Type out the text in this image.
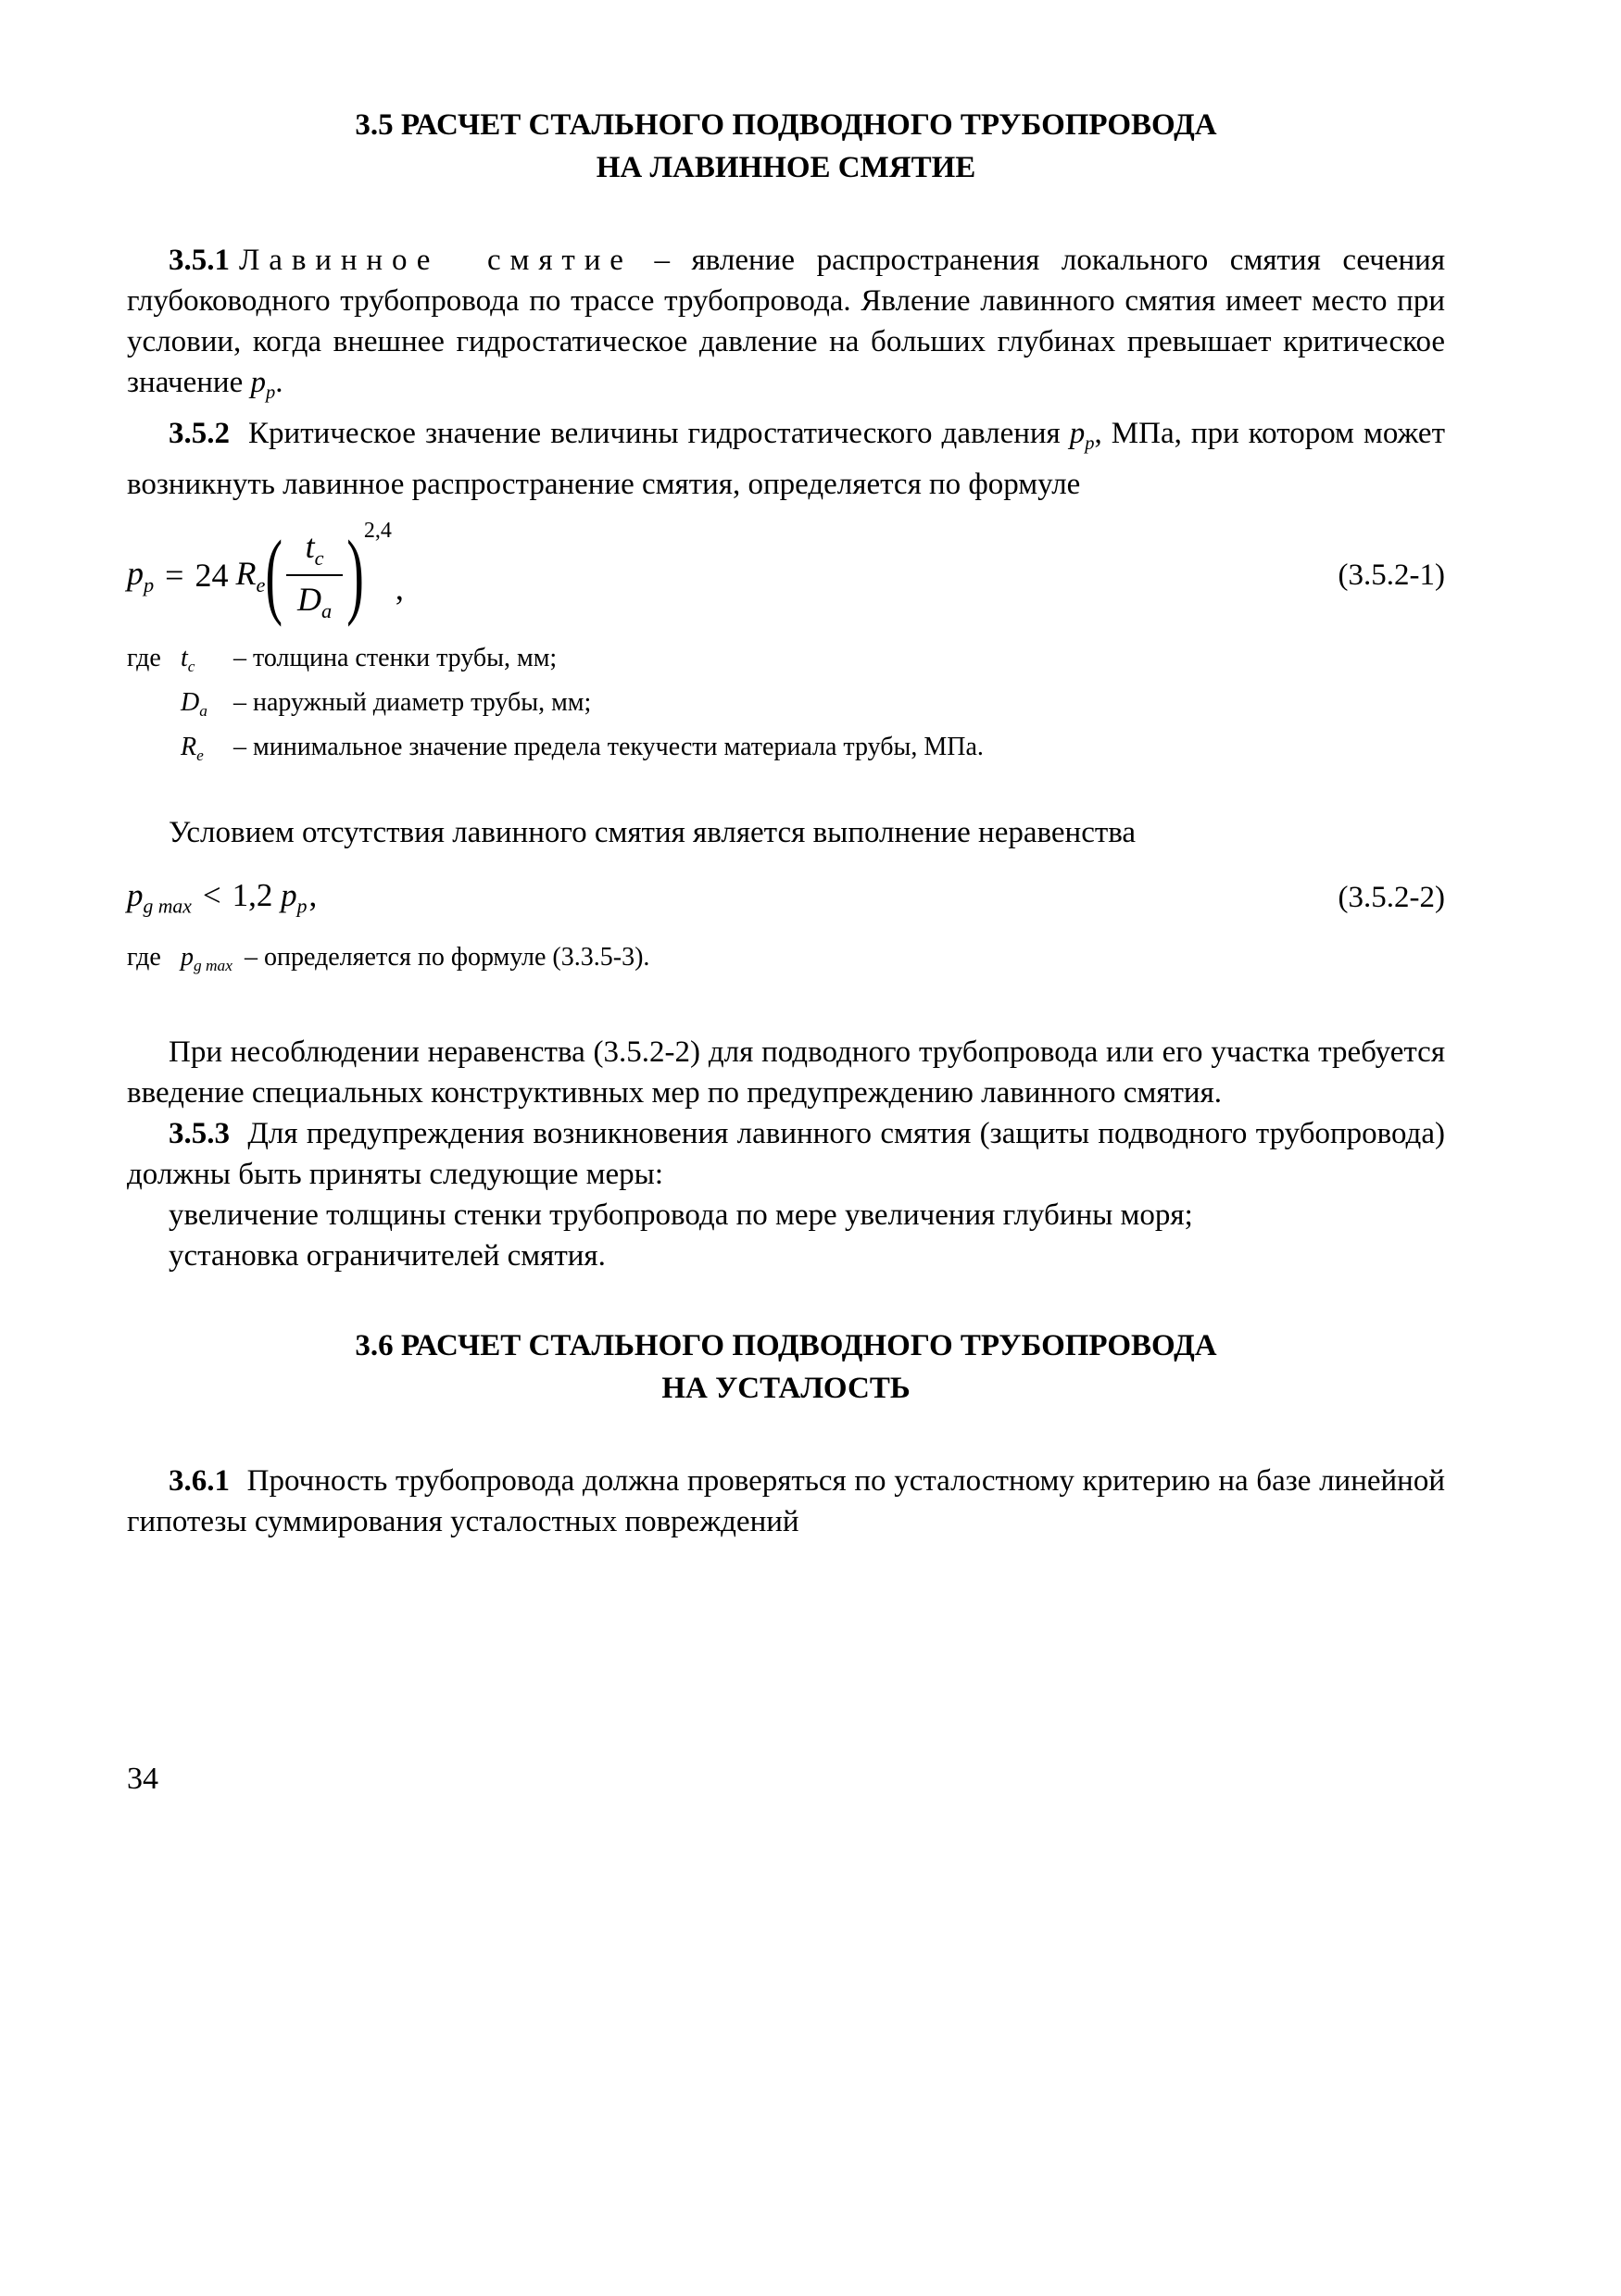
3.5 РАСЧЕТ СТАЛЬНОГО ПОДВОДНОГО ТРУБОПРОВОДА
НА ЛАВИННОЕ СМЯТИЕ

3.5.1 Лавинное смятие – явление распространения локального смятия сечения глубоководного трубопровода по трассе трубопровода. Явление лавинного смятия имеет место при условии, когда внешнее гидростатическое давление на больших глубинах превышает критическое значение $p_p$.

3.5.2 Критическое значение величины гидростатического давления $p_p$, МПа, при котором может возникнуть лавинное распространение смятия, определяется по формуле

$p_p = 24$ $R_e$ ( $\frac{t_c}{D_a} )^{2,4}$
,	(3.5.2-1)
где $t_c$ – толщина стенки трубы, мм;
$D_a$ – наружный диаметр трубы, мм;
$R_e$ – минимальное значение предела текучести материала трубы, МПа.

Условием отсутствия лавинного смятия является выполнение неравенства

$p_{g max} < 1,2$ $p_p$,	(3.5.2-2)
где $p_{g max}$ – определяется по формуле (3.3.5-3).

При несоблюдении неравенства (3.5.2-2) для подводного трубопровода или его участка требуется введение специальных конструктивных мер по предупреждению лавинного смятия.

3.5.3 Для предупреждения возникновения лавинного смятия (защиты подводного трубопровода) должны быть приняты следующие меры:

увеличение толщины стенки трубопровода по мере увеличения глубины моря;

установка ограничителей смятия.

3.6 РАСЧЕТ СТАЛЬНОГО ПОДВОДНОГО ТРУБОПРОВОДА
НА УСТАЛОСТЬ

3.6.1 Прочность трубопровода должна проверяться по усталостному критерию на базе линейной гипотезы суммирования усталостных повреждений

34
